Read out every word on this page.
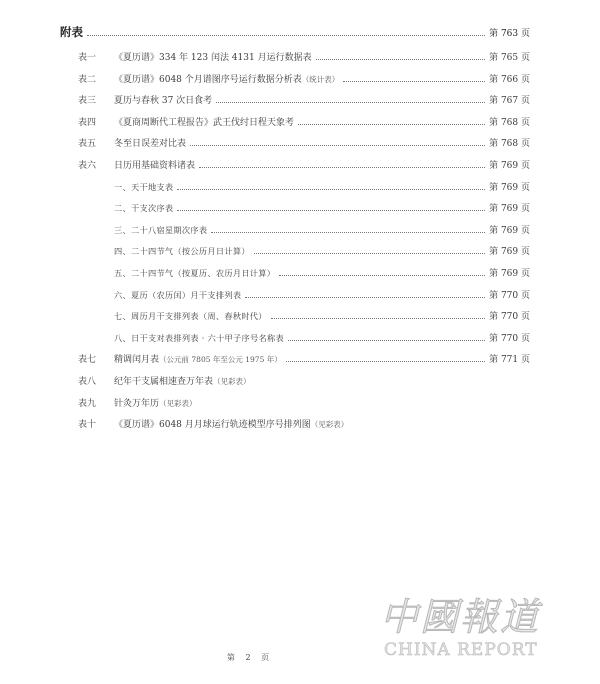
附表	第 763 页
表一	《夏历谱》334 年 123 闰法 4131 月运行数据表	第 765 页
表二	《夏历谱》6048 个月谱图序号运行数据分析表 （统计表）	第 766 页
表三	夏历与春秋 37 次日食考	第 767 页
表四	《夏商周断代工程报告》武王伐纣日程天象考	第 768 页
表五	冬至日误差对比表	第 768 页
表六	日历用基础资料诸表	第 769 页
一、天干地支表	第 769 页
二、干支次序表	第 769 页
三、二十八宿星期次序表	第 769 页
四、二十四节气（按公历月日计算）	第 769 页
五、二十四节气（按夏历、农历月日计算）	第 769 页
六、夏历（农历闰）月干支排列表	第 770 页
七、周历月干支排列表（周、春秋时代）	第 770 页
八、日干支对表排列表 · 六十甲子序号名称表	第 770 页
表七	精调闰月表 （公元前 7805 年至公元 1975 年）	第 771 页
表八	纪年干支属相速查万年表 （见彩表）
表九	针灸万年历 （见彩表）
表十	《夏历谱》6048 月月球运行轨迹模型序号排列图 （见彩表）
第 2 页
中國報道
CHINA REPORT
